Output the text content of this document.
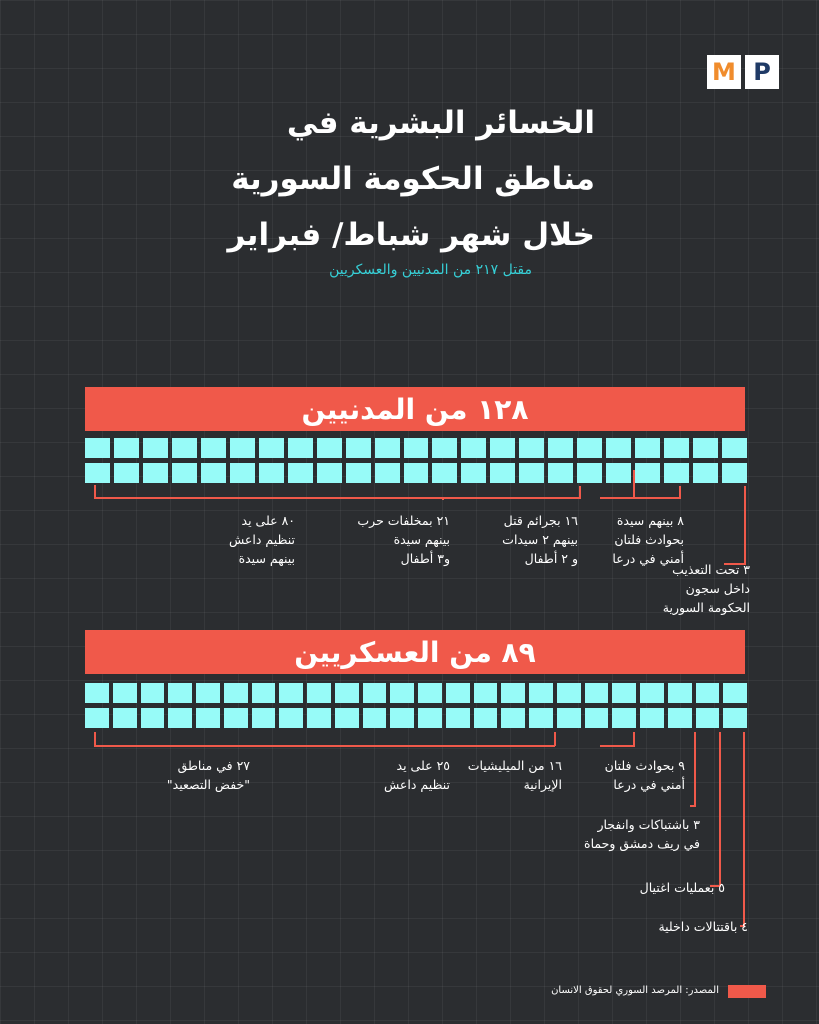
M P
الخسائر البشرية في
مناطق الحكومة السورية
خلال شهر شباط/ فبراير
مقتل ٢١٧ من المدنيين والعسكريين
١٢٨ من المدنيين
٨٩ من العسكريين
٨٠ على يد
تنظيم داعش
بينهم سيدة
٢١ بمخلفات حرب
بينهم سيدة
و٣ أطفال
١٦ بجرائم قتل
بينهم ٢ سيدات
و ٢ أطفال
٨ بينهم سيدة
بحوادث فلتان
أمني في درعا
٣ تحت التعذيب
داخل سجون
الحكومة السورية
٢٧ في مناطق
"خفض التصعيد"
٢٥ على يد
تنظيم داعش
١٦ من الميليشيات
الإيرانية
٩ بحوادث فلتان
أمني في درعا
٣ باشتباكات وانفجار
في ريف دمشق وحماة
٥ بعمليات اغتيال
٤ باقتتالات داخلية
المصدر: المرصد السوري لحقوق الانسان
